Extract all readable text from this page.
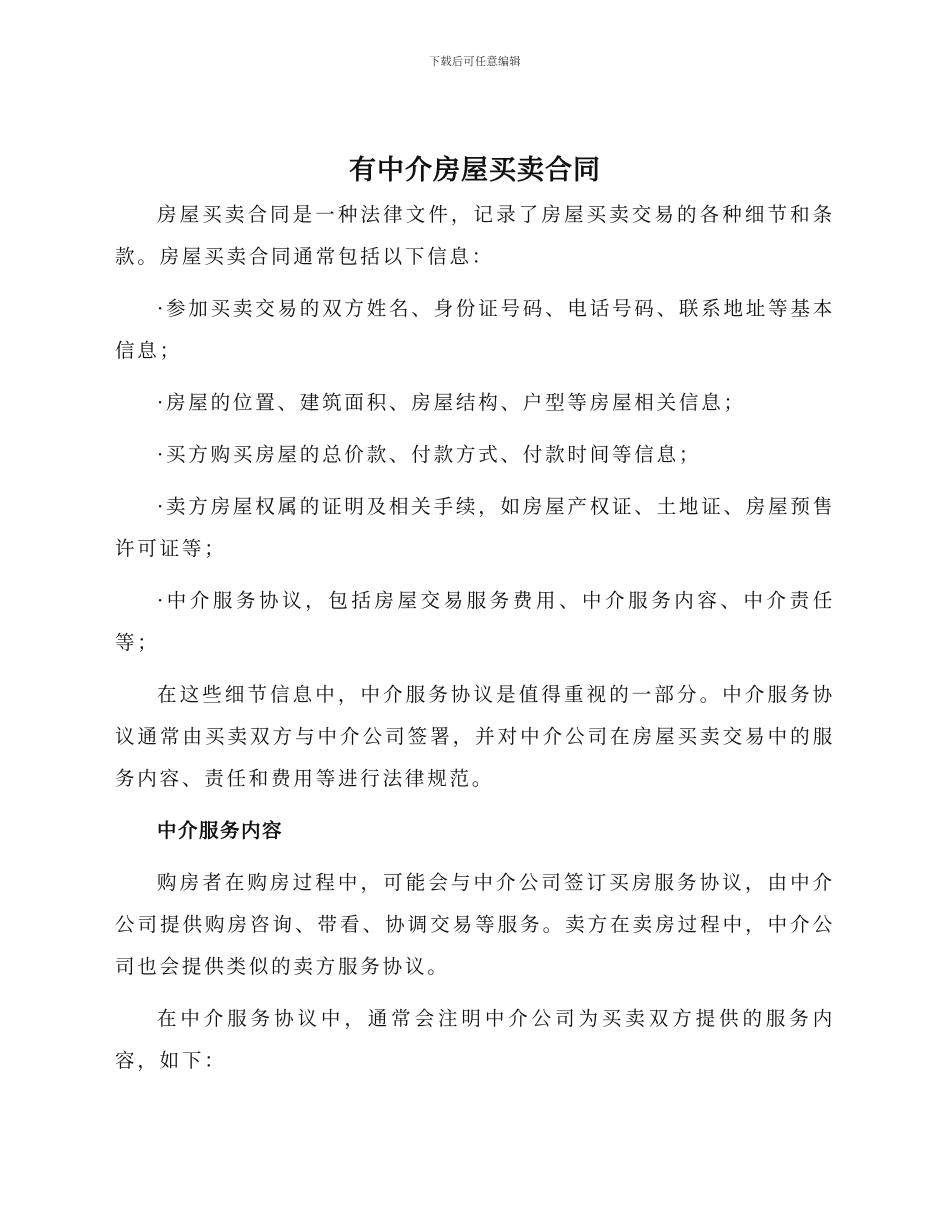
下载后可任意编辑
有中介房屋买卖合同

房屋买卖合同是一种法律文件，记录了房屋买卖交易的各种细节和条款。房屋买卖合同通常包括以下信息：

·参加买卖交易的双方姓名、身份证号码、电话号码、联系地址等基本信息；

·房屋的位置、建筑面积、房屋结构、户型等房屋相关信息；

·买方购买房屋的总价款、付款方式、付款时间等信息；

·卖方房屋权属的证明及相关手续，如房屋产权证、土地证、房屋预售许可证等；

·中介服务协议，包括房屋交易服务费用、中介服务内容、中介责任等；

在这些细节信息中，中介服务协议是值得重视的一部分。中介服务协议通常由买卖双方与中介公司签署，并对中介公司在房屋买卖交易中的服务内容、责任和费用等进行法律规范。

中介服务内容

购房者在购房过程中，可能会与中介公司签订买房服务协议，由中介公司提供购房咨询、带看、协调交易等服务。卖方在卖房过程中，中介公司也会提供类似的卖方服务协议。

在中介服务协议中，通常会注明中介公司为买卖双方提供的服务内容，如下：
